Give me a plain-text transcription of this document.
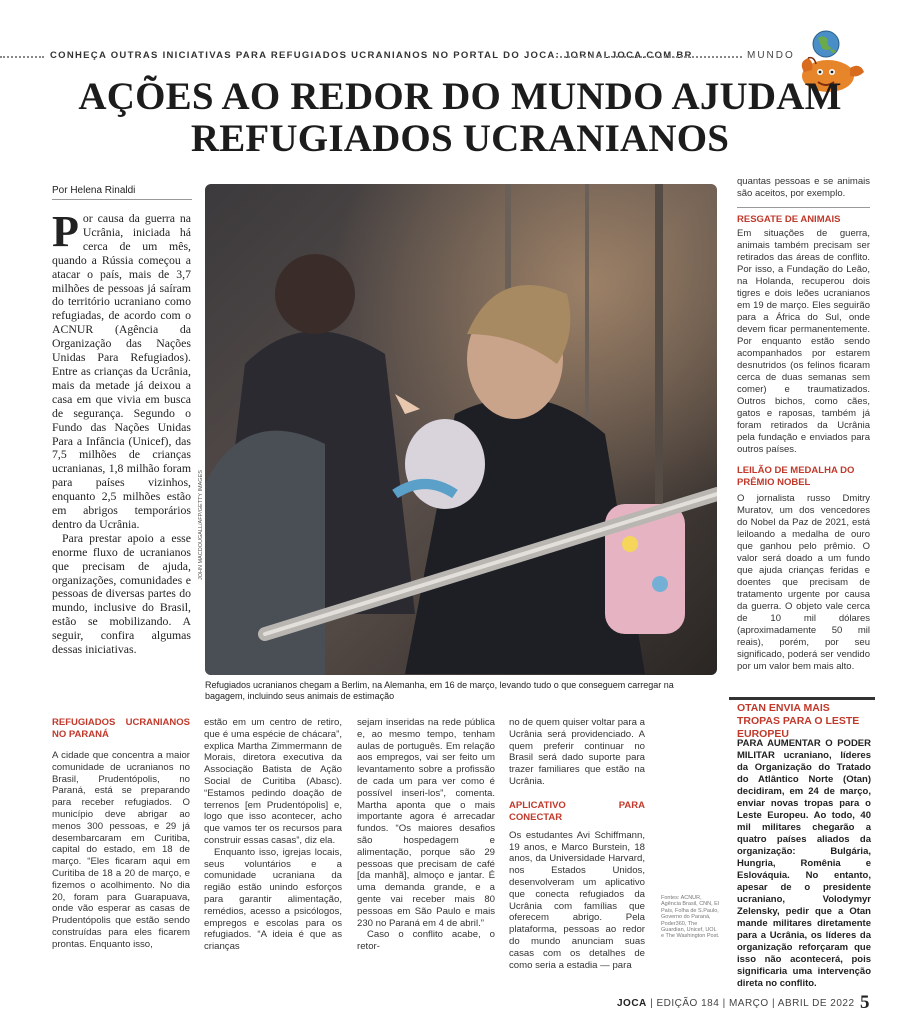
CONHEÇA OUTRAS INICIATIVAS PARA REFUGIADOS UCRANIANOS NO PORTAL DO JOCA: JORNALJOCA.COM.BR	MUNDO
AÇÕES AO REDOR DO MUNDO AJUDAM
REFUGIADOS UCRANIANOS
Por Helena Rinaldi

Por causa da guerra na Ucrânia, iniciada há cerca de um mês, quando a Rússia começou a atacar o país, mais de 3,7 milhões de pessoas já saíram do território ucraniano como refugiadas, de acordo com o ACNUR (Agência da Organização das Nações Unidas Para Refugiados). Entre as crianças da Ucrânia, mais da metade já deixou a casa em que vivia em busca de segurança. Segundo o Fundo das Nações Unidas Para a Infância (Unicef), das 7,5 milhões de crianças ucranianas, 1,8 milhão foram para países vizinhos, enquanto 2,5 milhões estão em abrigos temporários dentro da Ucrânia.

Para prestar apoio a esse enorme fluxo de ucranianos que precisam de ajuda, organizações, comunidades e pessoas de diversas partes do mundo, inclusive do Brasil, estão se mobilizando. A seguir, confira algumas dessas iniciativas.

JOHN MACDOUGALL/AFP/GETTY IMAGES
Refugiados ucranianos chegam a Berlim, na Alemanha, em 16 de março, levando tudo o que conseguem carregar na bagagem, incluindo seus animais de estimação
quantas pessoas e se animais são aceitos, por exemplo.
RESGATE DE ANIMAIS
Em situações de guerra, animais também precisam ser retirados das áreas de conflito. Por isso, a Fundação do Leão, na Holanda, recuperou dois tigres e dois leões ucranianos em 19 de março. Eles seguirão para a África do Sul, onde devem ficar permanentemente. Por enquanto estão sendo acompanhados por estarem desnutridos (os felinos ficaram cerca de duas semanas sem comer) e traumatizados. Outros bichos, como cães, gatos e raposas, também já foram retirados da Ucrânia pela fundação e enviados para outros países.
LEILÃO DE MEDALHA DO PRÊMIO NOBEL
O jornalista russo Dmitry Muratov, um dos vencedores do Nobel da Paz de 2021, está leiloando a medalha de ouro que ganhou pelo prêmio. O valor será doado a um fundo que ajuda crianças feridas e doentes que precisam de tratamento urgente por causa da guerra. O objeto vale cerca de 10 mil dólares (aproximadamente 50 mil reais), porém, por seu significado, poderá ser vendido por um valor bem mais alto.
OTAN ENVIA MAIS TROPAS PARA O LESTE EUROPEU
PARA AUMENTAR O PODER MILITAR ucraniano, líderes da Organização do Tratado do Atlântico Norte (Otan) decidiram, em 24 de março, enviar novas tropas para o Leste Europeu. Ao todo, 40 mil militares chegarão a quatro países aliados da organização: Bulgária, Hungria, Romênia e Eslováquia. No entanto, apesar de o presidente ucraniano, Volodymyr Zelensky, pedir que a Otan mande militares diretamente para a Ucrânia, os líderes da organização reforçaram que isso não acontecerá, pois significaria uma intervenção direta no conflito.
REFUGIADOS UCRANIANOS NO PARANÁ

A cidade que concentra a maior comunidade de ucranianos no Brasil, Prudentópolis, no Paraná, está se preparando para receber refugiados. O município deve abrigar ao menos 300 pessoas, e 29 já desembarcaram em Curitiba, capital do estado, em 18 de março. “Eles ficaram aqui em Curitiba de 18 a 20 de março, e fizemos o acolhimento. No dia 20, foram para Guarapuava, onde vão esperar as casas de Prudentópolis que estão sendo construídas para eles ficarem prontas. Enquanto isso,

estão em um centro de retiro, que é uma espécie de chácara”, explica Martha Zimmermann de Morais, diretora executiva da Associação Batista de Ação Social de Curitiba (Abasc). “Estamos pedindo doação de terrenos [em Prudentópolis] e, logo que isso acontecer, acho que vamos ter os recursos para construir essas casas”, diz ela.

Enquanto isso, igrejas locais, seus voluntários e a comunidade ucraniana da região estão unindo esforços para garantir alimentação, remédios, acesso a psicólogos, empregos e escolas para os refugiados. “A ideia é que as crianças

sejam inseridas na rede pública e, ao mesmo tempo, tenham aulas de português. Em relação aos empregos, vai ser feito um levantamento sobre a profissão de cada um para ver como é possível inseri-los”, comenta. Martha aponta que o mais importante agora é arrecadar fundos. “Os maiores desafios são hospedagem e alimentação, porque são 29 pessoas que precisam de café [da manhã], almoço e jantar. É uma demanda grande, e a gente vai receber mais 80 pessoas em São Paulo e mais 230 no Paraná em 4 de abril.”

Caso o conflito acabe, o retor-

no de quem quiser voltar para a Ucrânia será providenciado. A quem preferir continuar no Brasil será dado suporte para trazer familiares que estão na Ucrânia.

APLICATIVO PARA CONECTAR

Os estudantes Avi Schiffmann, 19 anos, e Marco Burstein, 18 anos, da Universidade Harvard, nos Estados Unidos, desenvolveram um aplicativo que conecta refugiados da Ucrânia com famílias que oferecem abrigo. Pela plataforma, pessoas ao redor do mundo anunciam suas casas com os detalhes de como seria a estadia — para

Fontes: ACNUR, Agência Brasil, CNN, El País, Folha de S.Paulo, Governo do Paraná, Poder360, The Guardian, Unicef, UOL e The Washington Post.
JOCA | EDIÇÃO 184 | MARÇO | ABRIL DE 2022 5
